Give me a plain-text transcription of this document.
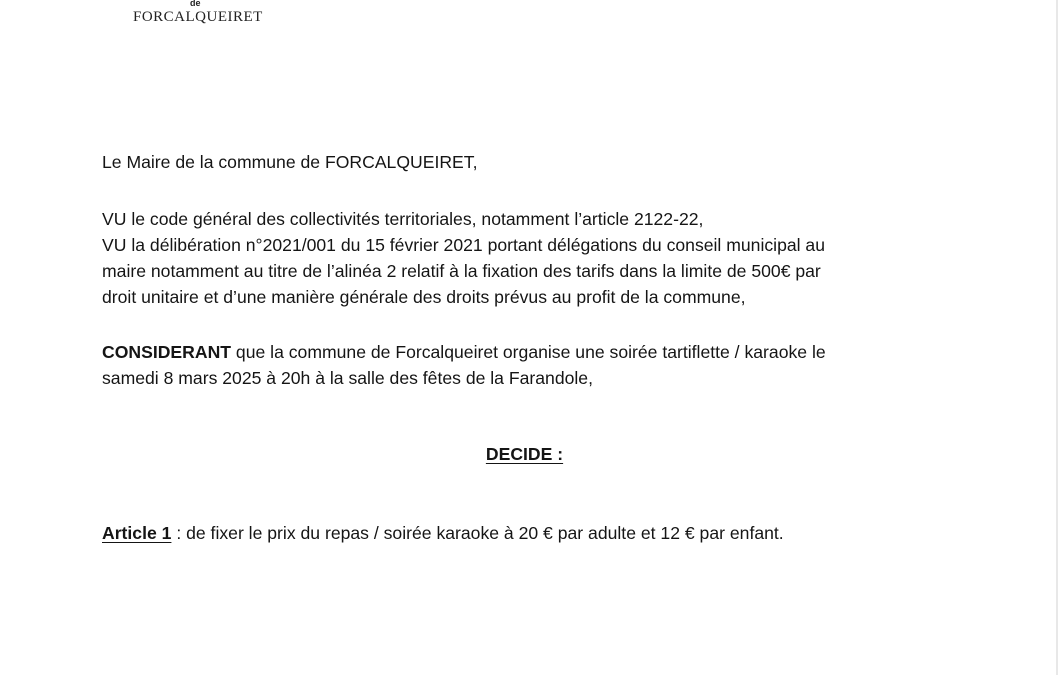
de
FORCALQUEIRET
Le Maire de la commune de FORCALQUEIRET,
VU le code général des collectivités territoriales, notamment l’article 2122-22,
VU la délibération n°2021/001 du 15 février 2021 portant délégations du conseil municipal au
maire notamment au titre de l’alinéa 2 relatif à la fixation des tarifs dans la limite de 500€ par
droit unitaire et d’une manière générale des droits prévus au profit de la commune,
CONSIDERANT que la commune de Forcalqueiret organise une soirée tartiflette / karaoke le
samedi 8 mars 2025 à 20h à la salle des fêtes de la Farandole,
DECIDE :
Article 1 : de fixer le prix du repas / soirée karaoke à 20 € par adulte et 12 € par enfant.
